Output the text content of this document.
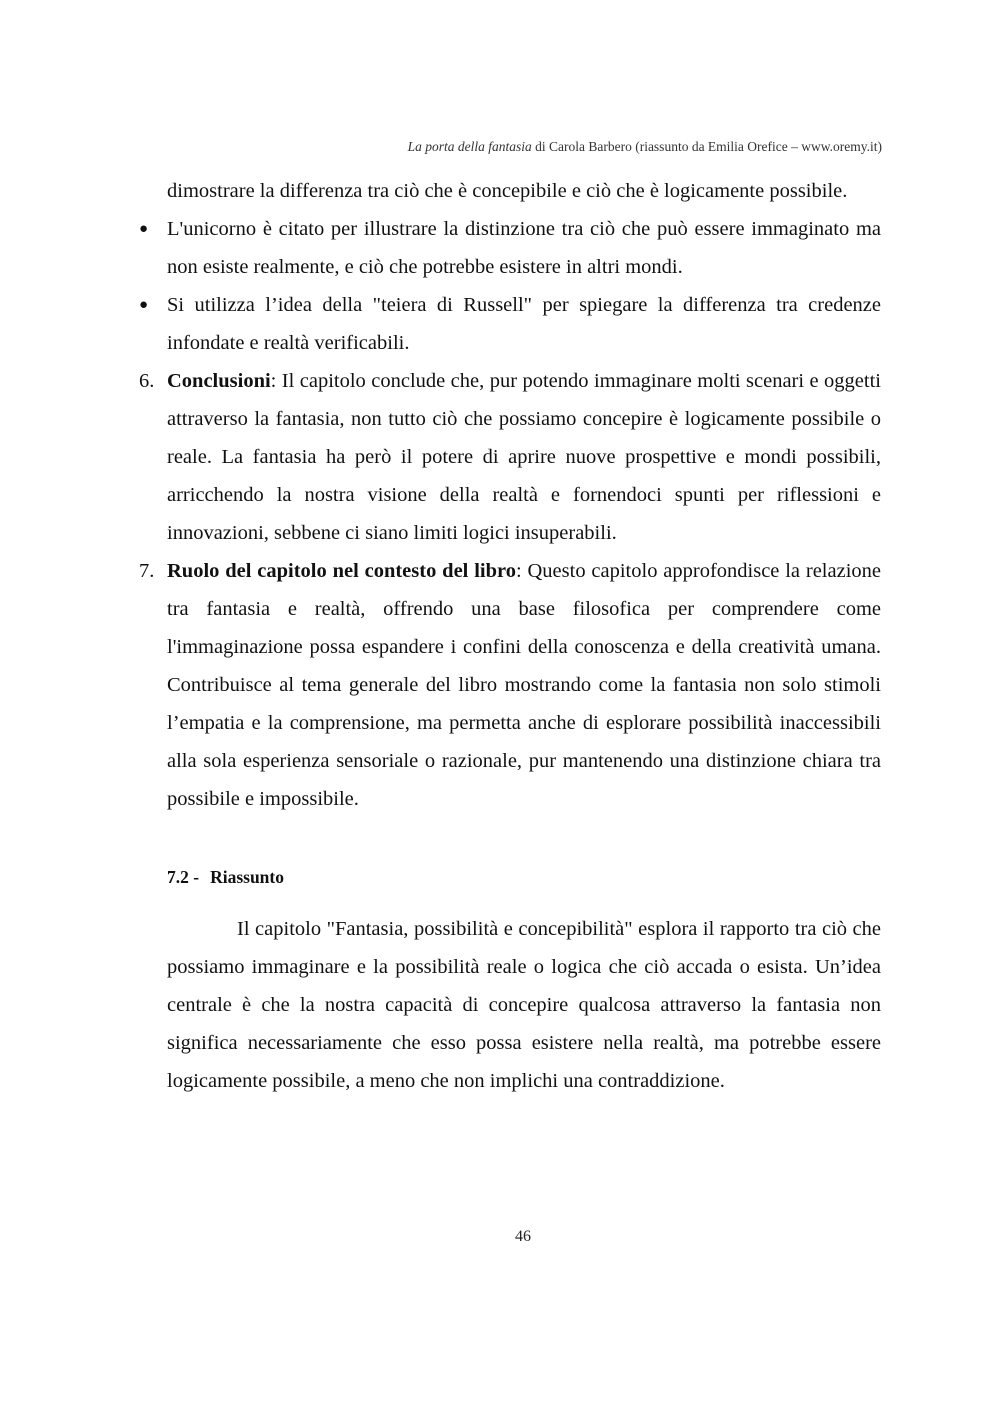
La porta della fantasia di Carola Barbero (riassunto da Emilia Orefice – www.oremy.it)

dimostrare la differenza tra ciò che è concepibile e ciò che è logicamente possibile.

● L'unicorno è citato per illustrare la distinzione tra ciò che può essere immaginato ma non esiste realmente, e ciò che potrebbe esistere in altri mondi.
● Si utilizza l’idea della "teiera di Russell" per spiegare la differenza tra credenze infondate e realtà verificabili.
6. Conclusioni: Il capitolo conclude che, pur potendo immaginare molti scenari e oggetti attraverso la fantasia, non tutto ciò che possiamo concepire è logicamente possibile o reale. La fantasia ha però il potere di aprire nuove prospettive e mondi possibili, arricchendo la nostra visione della realtà e fornendoci spunti per riflessioni e innovazioni, sebbene ci siano limiti logici insuperabili.
7. Ruolo del capitolo nel contesto del libro: Questo capitolo approfondisce la relazione tra fantasia e realtà, offrendo una base filosofica per comprendere come l'immaginazione possa espandere i confini della conoscenza e della creatività umana. Contribuisce al tema generale del libro mostrando come la fantasia non solo stimoli l’empatia e la comprensione, ma permetta anche di esplorare possibilità inaccessibili alla sola esperienza sensoriale o razionale, pur mantenendo una distinzione chiara tra possibile e impossibile.
7.2 - Riassunto

Il capitolo "Fantasia, possibilità e concepibilità" esplora il rapporto tra ciò che possiamo immaginare e la possibilità reale o logica che ciò accada o esista. Un’idea centrale è che la nostra capacità di concepire qualcosa attraverso la fantasia non significa necessariamente che esso possa esistere nella realtà, ma potrebbe essere logicamente possibile, a meno che non implichi una contraddizione.

46
